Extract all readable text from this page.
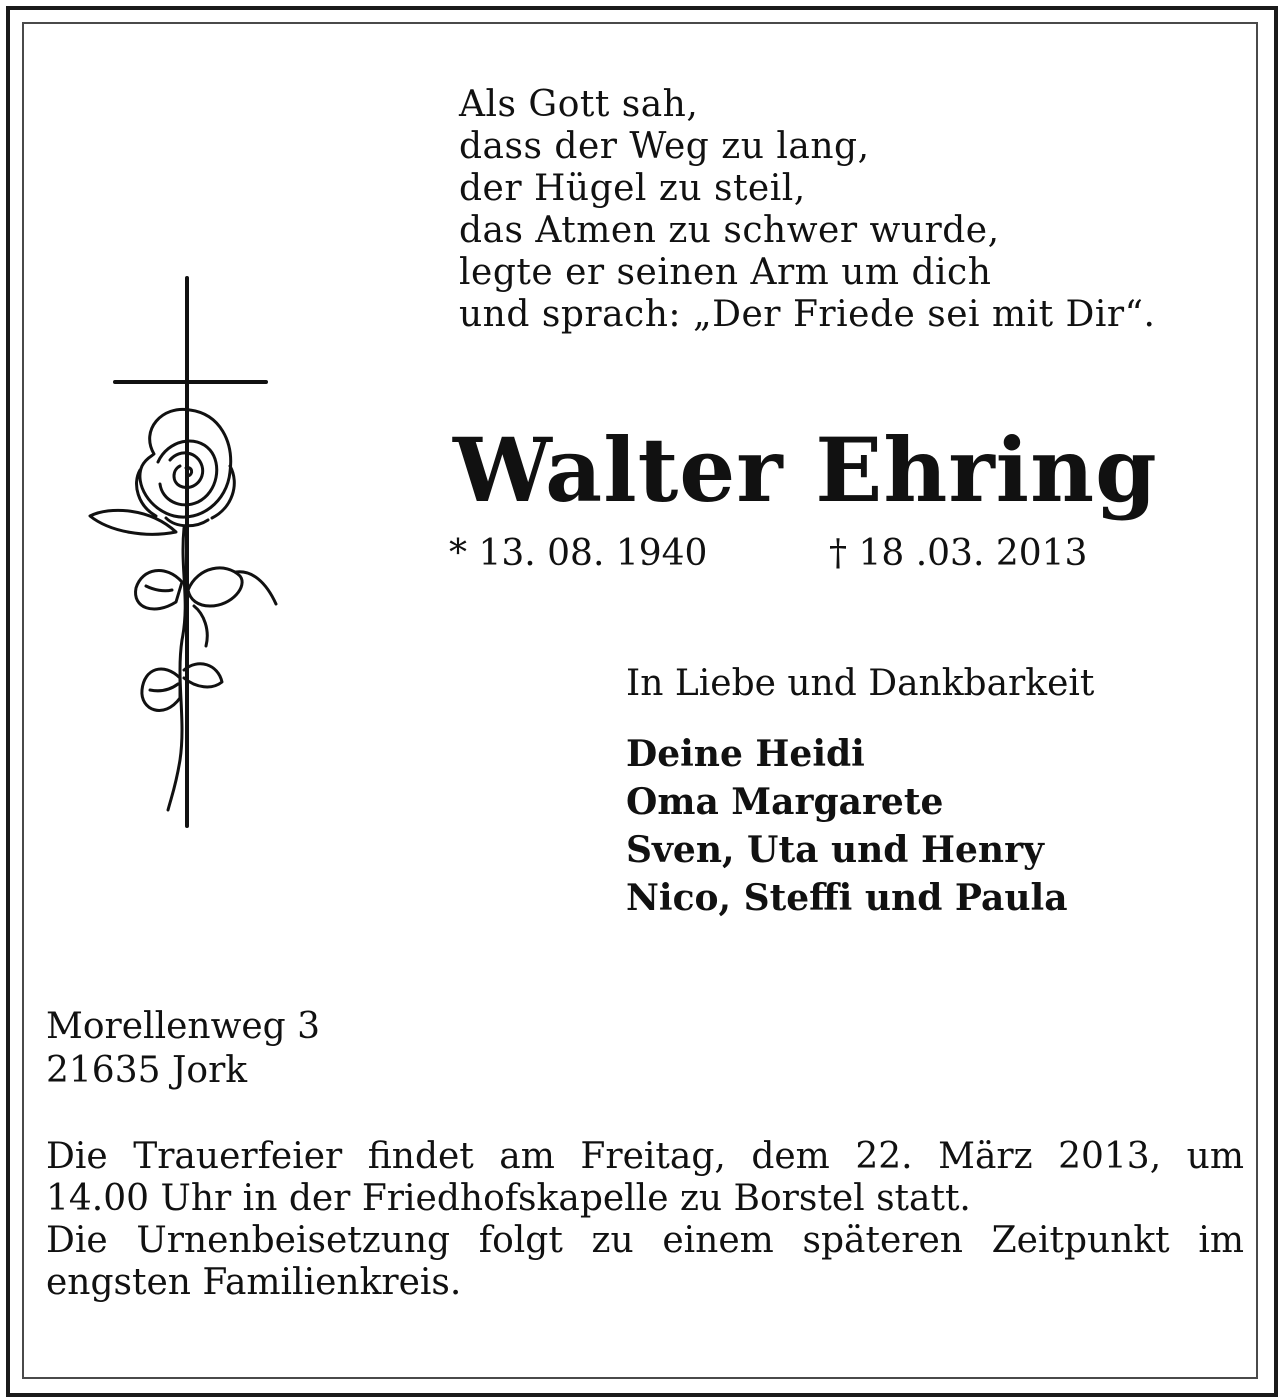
Als Gott sah,
dass der Weg zu lang,
der Hügel zu steil,
das Atmen zu schwer wurde,
legte er seinen Arm um dich
und sprach: „Der Friede sei mit Dir“.
Walter Ehring
* 13. 08. 1940	† 18 .03. 2013
In Liebe und Dankbarkeit
Deine Heidi
Oma Margarete
Sven, Uta und Henry
Nico, Steffi und Paula
Morellenweg 3
21635 Jork
Die Trauerfeier findet am Freitag, dem 22. März 2013, um
14.00 Uhr in der Friedhofskapelle zu Borstel statt.
Die Urnenbeisetzung folgt zu einem späteren Zeitpunkt im
engsten Familienkreis.
